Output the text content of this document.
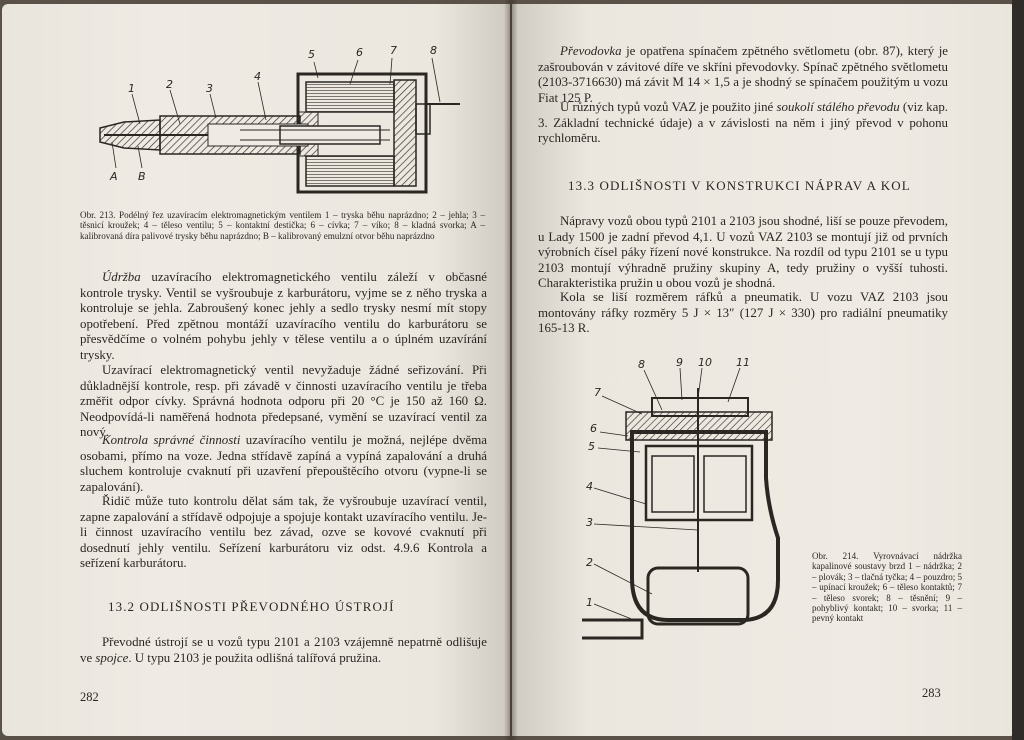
5	6 7	8
4
1	2	3
A B

Obr. 213. Podélný řez uzavíracím elektromagnetickým ventilem 1 – tryska běhu naprázdno; 2 – jehla; 3 – těsnicí kroužek; 4 – těleso ventilu; 5 – kontaktní destička; 6 – cívka; 7 – víko; 8 – kladná svorka; A – kalibrovaná díra palivové trysky běhu naprázdno; B – kalibrovaný emulzní otvor běhu naprázdno

Údržba uzavíracího elektromagnetického ventilu záleží v občasné kontrole trysky. Ventil se vyšroubuje z karburátoru, vyjme se z něho tryska a kontroluje se jehla. Zabroušený konec jehly a sedlo trysky nesmí mít stopy opotřebení. Před zpětnou montáží uzavíracího ventilu do karburátoru se přesvědčíme o volném pohybu jehly v tělese ventilu a o úplném uzavírání trysky.

Uzavírací elektromagnetický ventil nevyžaduje žádné seřizování. Při důkladnější kontrole, resp. při závadě v činnosti uzavíracího ventilu je třeba změřit odpor cívky. Správná hodnota odporu při 20 °C je 150 až 160 Ω. Neodpovídá-li naměřená hodnota předepsané, vymění se uzavírací ventil za nový.

Kontrola správné činnosti uzavíracího ventilu je možná, nejlépe dvěma osobami, přímo na voze. Jedna střídavě zapíná a vypíná zapalování a druhá sluchem kontroluje cvaknutí při uzavření přepouštěcího otvoru (vypne-li se zapalování).

Řidič může tuto kontrolu dělat sám tak, že vyšroubuje uzavírací ventil, zapne zapalování a střídavě odpojuje a spojuje kontakt uzavíracího ventilu. Je-li činnost uzavíracího ventilu bez závad, ozve se kovové cvaknutí při dosednutí jehly ventilu. Seřízení karburátoru viz odst. 4.9.6 Kontrola a seřízení karburátoru.

13.2 ODLIŠNOSTI PŘEVODNÉHO ÚSTROJÍ

Převodné ústrojí se u vozů typu 2101 a 2103 vzájemně nepatrně odlišuje ve spojce. U typu 2103 je použita odlišná talířová pružina.

282

Převodovka je opatřena spínačem zpětného světlometu (obr. 87), který je zašroubován v závitové díře ve skříni převodovky. Spínač zpětného světlometu (2103-3716630) má závit M 14 × 1,5 a je shodný se spínačem použitým u vozu Fiat 125 P.

U různých typů vozů VAZ je použito jiné soukolí stálého převodu (viz kap. 3. Základní technické údaje) a v závislosti na něm i jiný převod v pohonu rychloměru.

13.3 ODLIŠNOSTI V KONSTRUKCI NÁPRAV A KOL

Nápravy vozů obou typů 2101 a 2103 jsou shodné, liší se pouze převodem, u Lady 1500 je zadní převod 4,1. U vozů VAZ 2103 se montují již od prvních výrobních čísel páky řízení nové konstrukce. Na rozdíl od typu 2101 se u typu 2103 montují výhradně pružiny skupiny A, tedy pružiny o vyšší tuhosti. Charakteristika pružin u obou vozů je shodná.

Kola se liší rozměrem ráfků a pneumatik. U vozu VAZ 2103 jsou montovány ráfky rozměry 5 J × 13″ (127 J × 330) pro radiální pneumatiky 165-13 R.

8	9 10 11
7
6
5
4
3
2
1

Obr. 214. Vyrovnávací nádržka kapalinové soustavy brzd 1 – nádržka; 2 – plovák; 3 – tlačná tyčka; 4 – pouzdro; 5 – upínací kroužek; 6 – těleso kontaktů; 7 – těleso svorek; 8 – těsnění; 9 – pohyblivý kontakt; 10 – svorka; 11 – pevný kontakt

283
